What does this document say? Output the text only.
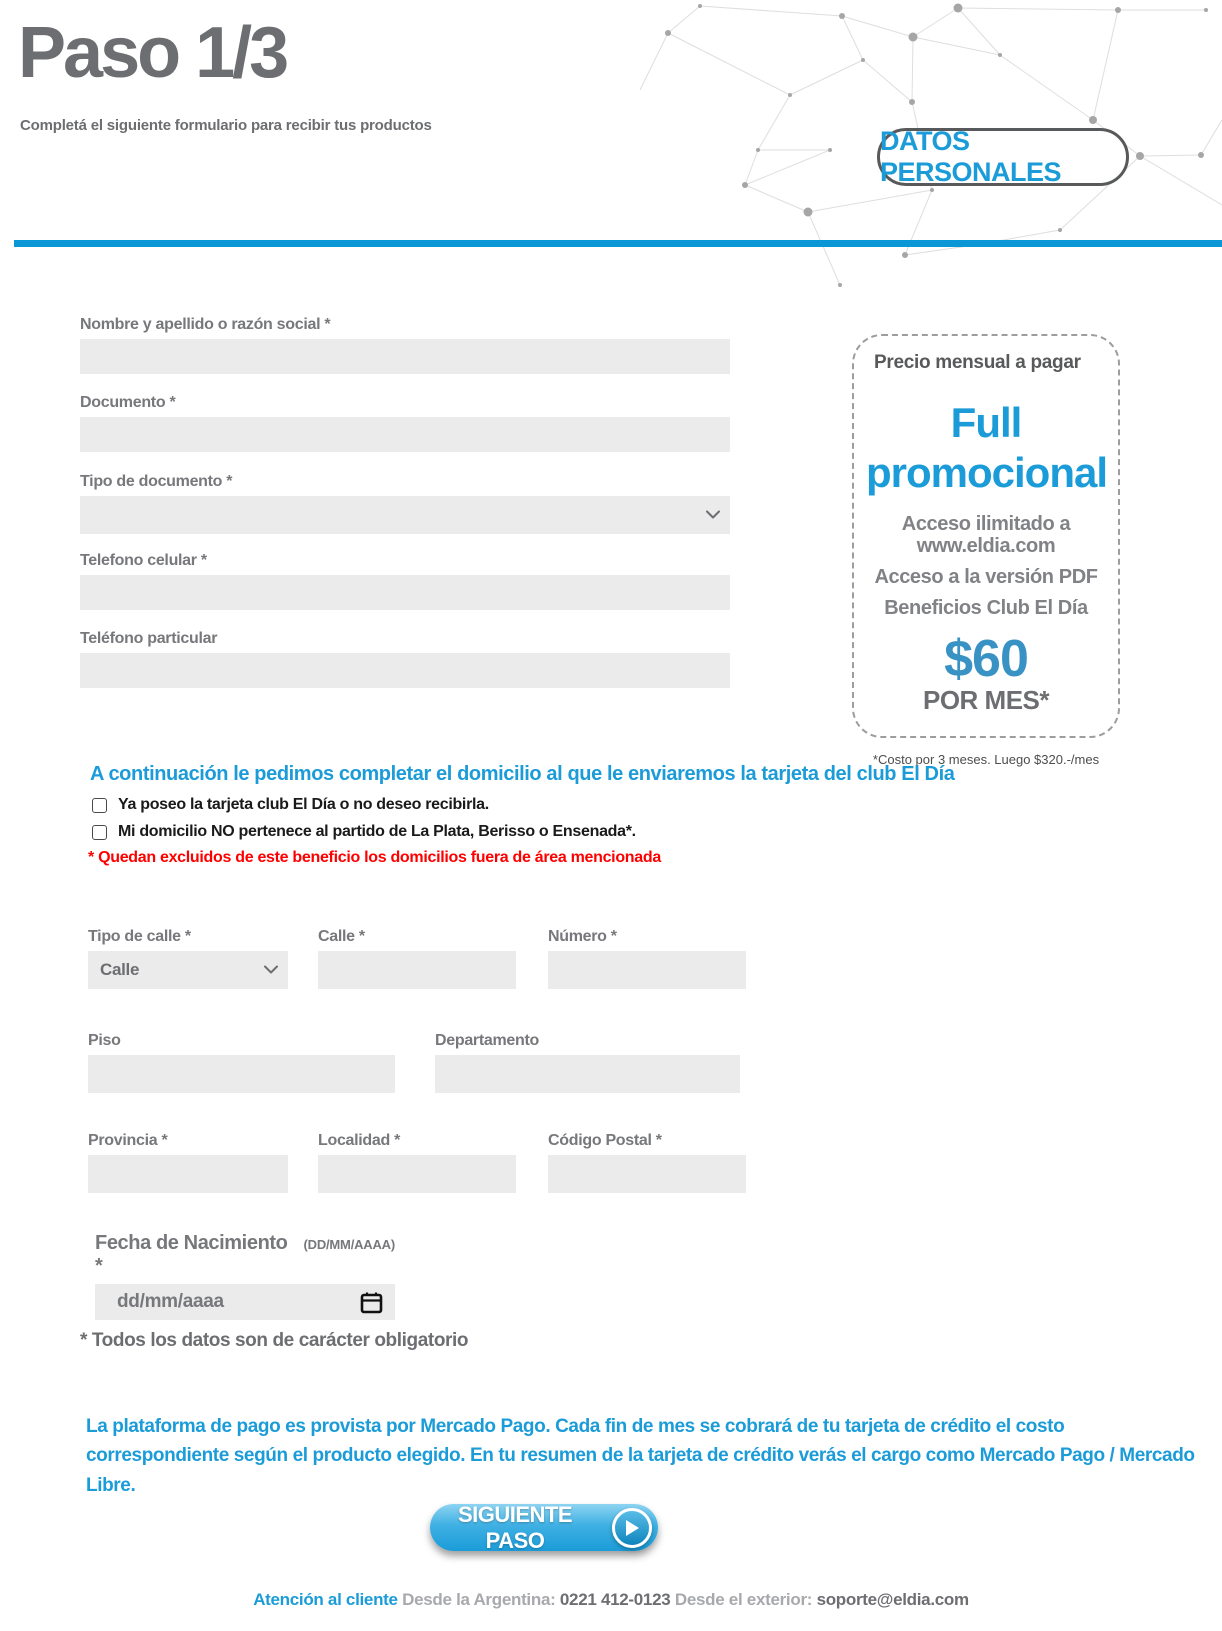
Paso 1/3
Completá el siguiente formulario para recibir tus productos
DATOS PERSONALES
Nombre y apellido o razón social *
Documento *
Tipo de documento *
Telefono celular *
Teléfono particular
Precio mensual a pagar
Full
promocional
Acceso ilimitado a www.eldia.com
Acceso a la versión PDF
Beneficios Club El Día
$60
POR MES*
*Costo por 3 meses. Luego $320.-/mes
A continuación le pedimos completar el domicilio al que le enviaremos la tarjeta del club El Día
Ya poseo la tarjeta club El Día o no deseo recibirla.
Mi domicilio NO pertenece al partido de La Plata, Berisso o Ensenada*.
* Quedan excluidos de este beneficio los domicilios fuera de área mencionada
Tipo de calle *
Calle
Calle *	Número *
Piso	Departamento
Provincia *	Localidad *	Código Postal *
Fecha de Nacimiento *
(DD/MM/AAAA)
dd/mm/aaaa
* Todos los datos son de carácter obligatorio
La plataforma de pago es provista por Mercado Pago. Cada fin de mes se cobrará de tu tarjeta de crédito el costo correspondiente según el producto elegido. En tu resumen de la tarjeta de crédito verás el cargo como Mercado Pago / Mercado Libre.
SIGUIENTE PASO
Atención al cliente Desde la Argentina: 0221 412-0123 Desde el exterior: soporte@eldia.com
